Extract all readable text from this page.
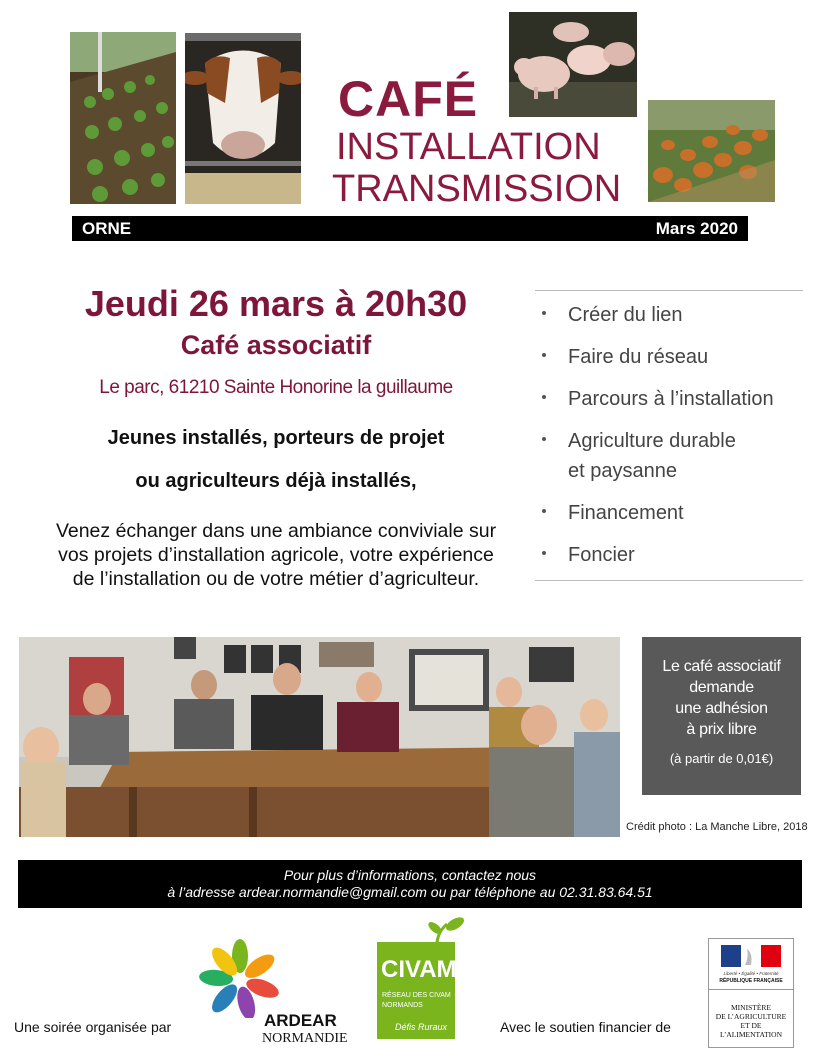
CAFÉ
INSTALLATION
TRANSMISSION
ORNE	Mars 2020
Jeudi 26 mars à 20h30
Café associatif
Le parc, 61210 Sainte Honorine la guillaume
Jeunes installés, porteurs de projet
ou agriculteurs déjà installés,
Venez échanger dans une ambiance conviviale sur
vos projets d’installation agricole, votre expérience
de l’installation ou de votre métier d’agriculteur.
Créer du lien
Faire du réseau
Parcours à l’installation
Agriculture durable
et paysanne
Financement
Foncier
Le café associatif
demande
une adhésion
à prix libre
(à partir de 0,01€)
Crédit photo : La Manche Libre, 2018
Pour plus d’informations, contactez nous
à l’adresse ardear.normandie@gmail.com ou par téléphone au 02.31.83.64.51
Une soirée organisée par	Avec le soutien financier de
ARDEAR
NORMANDIE
CIVAM
RÉSEAU DES CIVAM
NORMANDS
Défis Ruraux
Liberté • Égalité • Fraternité
RÉPUBLIQUE FRANÇAISE
MINISTÈRE
DE L’AGRICULTURE
ET DE
L’ALIMENTATION
